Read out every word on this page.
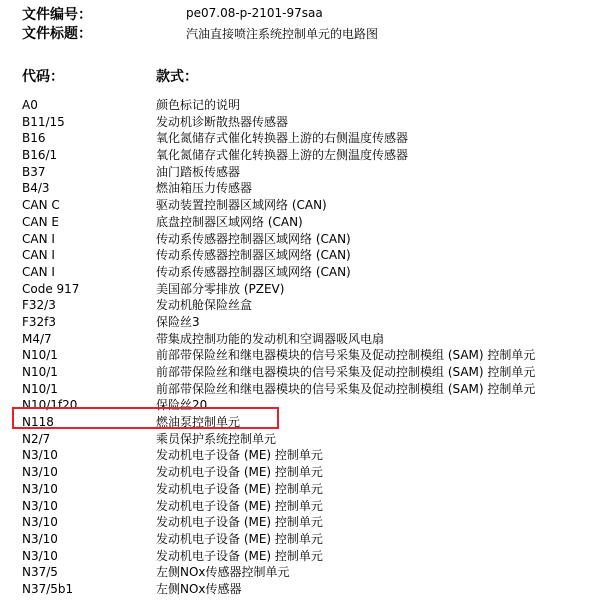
文件编号：	pe07.08-p-2101-97saa
文件标题：	汽油直接喷注系统控制单元的电路图
代码：	款式：
A0	颜色标记的说明
B11/15	发动机诊断散热器传感器
B16	氧化氮储存式催化转换器上游的右侧温度传感器
B16/1	氧化氮储存式催化转换器上游的左侧温度传感器
B37	油门踏板传感器
B4/3	燃油箱压力传感器
CAN C	驱动装置控制器区域网络 (CAN)
CAN E	底盘控制器区域网络 (CAN)
CAN I	传动系传感器控制器区域网络 (CAN)
CAN I	传动系传感器控制器区域网络 (CAN)
CAN I	传动系传感器控制器区域网络 (CAN)
Code 917	美国部分零排放 (PZEV)
F32/3	发动机舱保险丝盒
F32f3	保险丝3
M4/7	带集成控制功能的发动机和空调器吸风电扇
N10/1	前部带保险丝和继电器模块的信号采集及促动控制模组 (SAM) 控制单元
N10/1	前部带保险丝和继电器模块的信号采集及促动控制模组 (SAM) 控制单元
N10/1	前部带保险丝和继电器模块的信号采集及促动控制模组 (SAM) 控制单元
N10/1f20	保险丝20
N118	燃油泵控制单元
N2/7	乘员保护系统控制单元
N3/10	发动机电子设备 (ME) 控制单元
N3/10	发动机电子设备 (ME) 控制单元
N3/10	发动机电子设备 (ME) 控制单元
N3/10	发动机电子设备 (ME) 控制单元
N3/10	发动机电子设备 (ME) 控制单元
N3/10	发动机电子设备 (ME) 控制单元
N3/10	发动机电子设备 (ME) 控制单元
N37/5	左侧NOx传感器控制单元
N37/5b1	左侧NOx传感器
